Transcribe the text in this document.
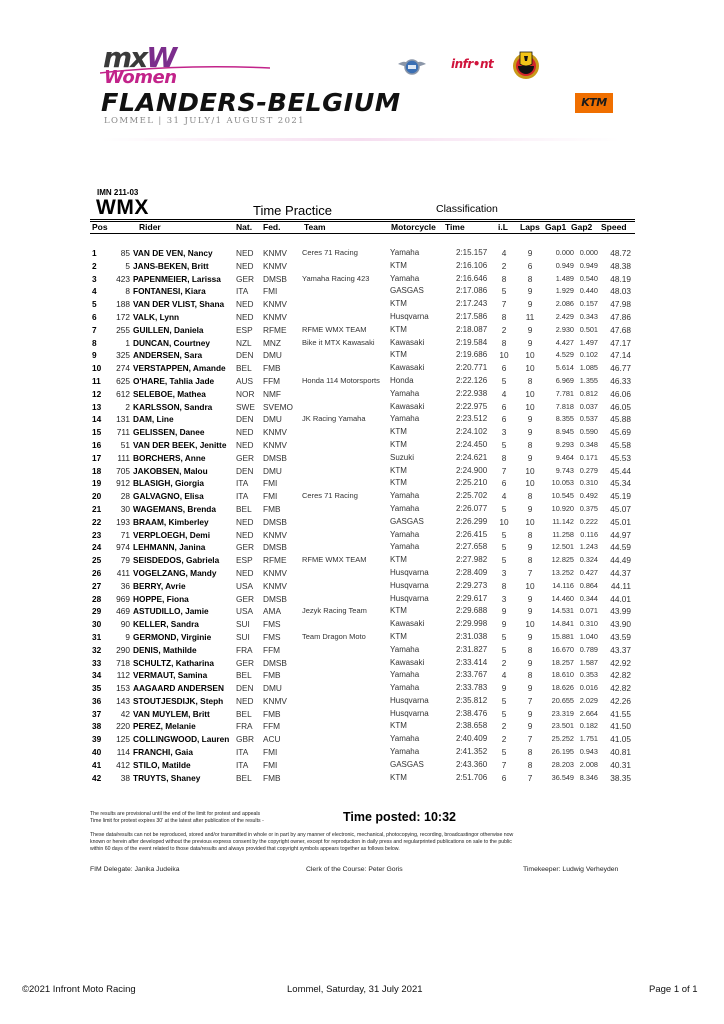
mxW
Women
FLANDERS-BELGIUM
LOMMEL | 31 JULY/1 AUGUST 2021
infr•nt
KTM
IMN 211-03
WMX	Time Practice	Classification
Pos	Rider	Nat. Fed.	Team	Motorcycle Time	i.L Laps Gap1 Gap2 Speed
1	85 VAN DE VEN, Nancy	NED KNMV Ceres 71 Racing	Yamaha	2:15.157	4	9	0.000 0.000	48.72
2	5 JANS-BEKEN, Britt	NED KNMV	KTM	2:16.106	2	6	0.949 0.949	48.38
3	423 PAPENMEIER, Larissa	GER DMSB Yamaha Racing 423	Yamaha	2:16.646	8	8	1.489 0.540	48.19
4	8 FONTANESI, Kiara	ITA FMI	GASGAS	2:17.086	5	9	1.929 0.440	48.03
5	188 VAN DER VLIST, Shana	NED KNMV	KTM	2:17.243	7	9	2.086 0.157	47.98
6	172 VALK, Lynn	NED KNMV	Husqvarna	2:17.586	8	11	2.429 0.343	47.86
7	255 GUILLEN, Daniela	ESP RFME RFME WMX TEAM	KTM	2:18.087	2	9	2.930 0.501	47.68
8	1 DUNCAN, Courtney	NZL MNZ	Bike it MTX Kawasaki Kawasaki	2:19.584	8	9	4.427 1.497	47.17
9	325 ANDERSEN, Sara	DEN DMU	KTM	2:19.686 10 10	4.529 0.102	47.14
10	274 VERSTAPPEN, Amande	BEL FMB	Kawasaki	2:20.771	6	10	5.614 1.085	46.77
11	625 O'HARE, Tahlia Jade	AUS FFM	Honda 114 Motorsports Honda	2:22.126	5	8	6.969 1.355	46.33
12	612 SELEBOE, Mathea	NOR NMF	Yamaha	2:22.938	4	10	7.781 0.812	46.06
13	2 KARLSSON, Sandra	SWE SVEMO	Kawasaki	2:22.975	6	10	7.818 0.037	46.05
14	131 DAM, Line	DEN DMU	JK Racing Yamaha	Yamaha	2:23.512	6	9	8.355 0.537	45.88
15	711 GELISSEN, Danee	NED KNMV	KTM	2:24.102	3	9	8.945 0.590	45.69
16	51 VAN DER BEEK, Jenitte	NED KNMV	KTM	2:24.450	5	8	9.293 0.348	45.58
17	111 BORCHERS, Anne	GER DMSB	Suzuki	2:24.621	8	9	9.464 0.171	45.53
18	705 JAKOBSEN, Malou	DEN DMU	KTM	2:24.900	7	10	9.743 0.279	45.44
19	912 BLASIGH, Giorgia	ITA FMI	KTM	2:25.210	6	10	10.053 0.310	45.34
20	28 GALVAGNO, Elisa	ITA FMI	Ceres 71 Racing	Yamaha	2:25.702	4	8	10.545 0.492	45.19
21	30 WAGEMANS, Brenda	BEL FMB	Yamaha	2:26.077	5	9	10.920 0.375	45.07
22	193 BRAAM, Kimberley	NED DMSB	GASGAS	2:26.299 10 10	11.142 0.222	45.01
23	71 VERPLOEGH, Demi	NED KNMV	Yamaha	2:26.415	5	8	11.258 0.116	44.97
24	974 LEHMANN, Janina	GER DMSB	Yamaha	2:27.658	5	9	12.501 1.243	44.59
25	79 SEISDEDOS, Gabriela	ESP RFME RFME WMX TEAM	KTM	2:27.982	5	8	12.825 0.324	44.49
26	411 VOGELZANG, Mandy	NED KNMV	Husqvarna	2:28.409	3	7	13.252 0.427	44.37
27	36 BERRY, Avrie	USA KNMV	Husqvarna	2:29.273	8	10	14.116 0.864	44.11
28	969 HOPPE, Fiona	GER DMSB	Husqvarna	2:29.617	3	9	14.460 0.344	44.01
29	469 ASTUDILLO, Jamie	USA AMA	Jezyk Racing Team	KTM	2:29.688	9	9	14.531 0.071	43.99
30	90 KELLER, Sandra	SUI FMS	Kawasaki	2:29.998	9	10	14.841 0.310	43.90
31	9 GERMOND, Virginie	SUI FMS	Team Dragon Moto	KTM	2:31.038	5	9	15.881 1.040	43.59
32	290 DENIS, Mathilde	FRA FFM	Yamaha	2:31.827	5	8	16.670 0.789	43.37
33	718 SCHULTZ, Katharina	GER DMSB	Kawasaki	2:33.414	2	9	18.257 1.587	42.92
34	112 VERMAUT, Samina	BEL FMB	Yamaha	2:33.767	4	8	18.610 0.353	42.82
35	153 AAGAARD ANDERSEN	DEN DMU	Yamaha	2:33.783	9	9	18.626 0.016	42.82
36	143 STOUTJESDIJK, Steph	NED KNMV	Husqvarna	2:35.812	5	7	20.655 2.029	42.26
37	42 VAN MUYLEM, Britt	BEL FMB	Husqvarna	2:38.476	5	9	23.319 2.664	41.55
38	220 PEREZ, Melanie	FRA FFM	KTM	2:38.658	2	9	23.501 0.182	41.50
39	125 COLLINGWOOD, Lauren GBR ACU	Yamaha	2:40.409	2	7	25.252 1.751	41.05
40	114 FRANCHI, Gaia	ITA FMI	Yamaha	2:41.352	5	8	26.195 0.943	40.81
41	412 STILO, Matilde	ITA FMI	GASGAS	2:43.360	7	8	28.203 2.008	40.31
42	38 TRUYTS, Shaney	BEL FMB	KTM	2:51.706	6	7	36.549 8.346	38.35
The results are provisional until the end of the limit for protest and appeals
Time limit for protest expires 30' at the latest after publication of the results -	Time posted: 10:32
These data/results can not be reproduced, stored and/or transmitted in whole or in part by any manner of electronic, mechanical, photocopying, recording, broadcastingor otherwise now
known or herein after developed without the previous express consent by the copyright owner, except for reproduction in daily press and regularprinted publications on sale to the public
within 60 days of the event related to those data/results and always provided that copyright symbols appears together as follows below.
FIM Delegate: Janika Judeika	Clerk of the Course: Peter Goris	Timekeeper: Ludwig Verheyden
©2021 Infront Moto Racing	Lommel, Saturday, 31 July 2021	Page 1 of 1
